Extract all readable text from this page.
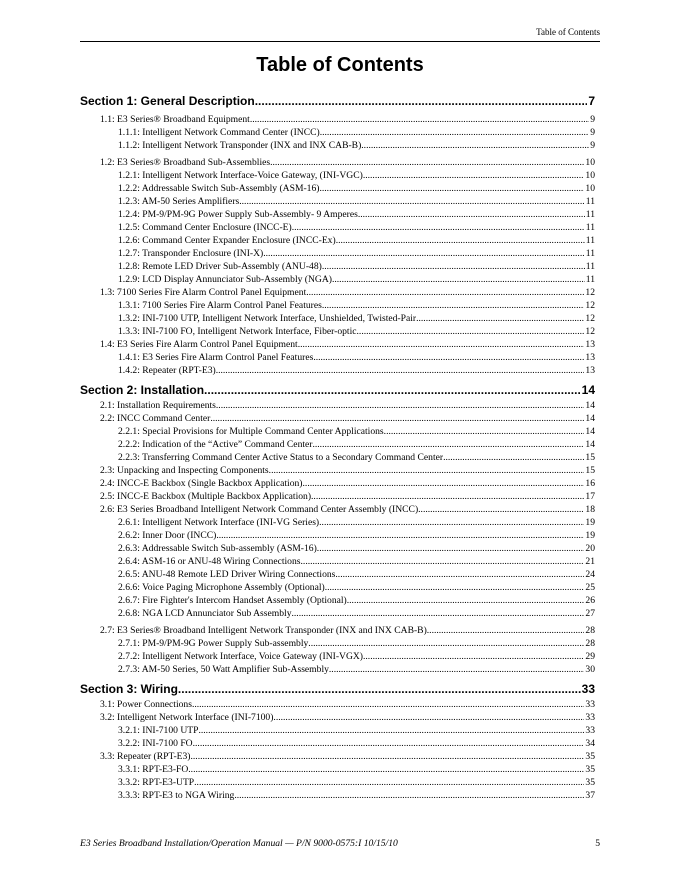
Table of Contents
Table of Contents
Section 1: General Description .....	7
1.1: E3 Series® Broadband Equipment .....	9
1.1.1: Intelligent Network Command Center (INCC) .....	9
1.1.2: Intelligent Network Transponder (INX and INX CAB-B) .....	9
1.2: E3 Series® Broadband Sub-Assemblies .....	10
1.2.1: Intelligent Network Interface-Voice Gateway, (INI-VGC) .....	10
1.2.2: Addressable Switch Sub-Assembly (ASM-16) .....	10
1.2.3: AM-50 Series Amplifiers .....	11
1.2.4: PM-9/PM-9G Power Supply Sub-Assembly- 9 Amperes .....	11
1.2.5: Command Center Enclosure (INCC-E) .....	11
1.2.6: Command Center Expander Enclosure (INCC-Ex) .....	11
1.2.7: Transponder Enclosure (INI-X) .....	11
1.2.8: Remote LED Driver Sub-Assembly (ANU-48) .....	11
1.2.9: LCD Display Annunciator Sub-Assembly (NGA) .....	11
1.3: 7100 Series Fire Alarm Control Panel Equipment .....	12
1.3.1: 7100 Series Fire Alarm Control Panel Features .....	12
1.3.2: INI-7100 UTP, Intelligent Network Interface, Unshielded, Twisted-Pair .....	12
1.3.3: INI-7100 FO, Intelligent Network Interface, Fiber-optic .....	12
1.4: E3 Series Fire Alarm Control Panel Equipment .....	13
1.4.1: E3 Series Fire Alarm Control Panel Features .....	13
1.4.2: Repeater (RPT-E3) .....	13
Section 2: Installation .....	14
2.1: Installation Requirements .....	14
2.2: INCC Command Center .....	14
2.2.1: Special Provisions for Multiple Command Center Applications .....	14
2.2.2: Indication of the “Active” Command Center .....	14
2.2.3: Transferring Command Center Active Status to a Secondary Command Center .....	15
2.3: Unpacking and Inspecting Components .....	15
2.4: INCC-E Backbox (Single Backbox Application) .....	16
2.5: INCC-E Backbox (Multiple Backbox Application) .....	17
2.6: E3 Series Broadband Intelligent Network Command Center Assembly (INCC) .....	18
2.6.1: Intelligent Network Interface (INI-VG Series) .....	19
2.6.2: Inner Door (INCC) .....	19
2.6.3: Addressable Switch Sub-assembly (ASM-16) .....	20
2.6.4: ASM-16 or ANU-48 Wiring Connections .....	21
2.6.5: ANU-48 Remote LED Driver Wiring Connections .....	24
2.6.6: Voice Paging Microphone Assembly (Optional) .....	25
2.6.7: Fire Fighter's Intercom Handset Assembly (Optional) .....	26
2.6.8: NGA LCD Annunciator Sub Assembly .....	27
2.7: E3 Series® Broadband Intelligent Network Transponder (INX and INX CAB-B) .....	28
2.7.1: PM-9/PM-9G Power Supply Sub-assembly .....	28
2.7.2: Intelligent Network Interface, Voice Gateway (INI-VGX) .....	29
2.7.3: AM-50 Series, 50 Watt Amplifier Sub-Assembly .....	30
Section 3: Wiring .....	33
3.1: Power Connections .....	33
3.2: Intelligent Network Interface (INI-7100) .....	33
3.2.1: INI-7100 UTP .....	33
3.2.2: INI-7100 FO .....	34
3.3: Repeater (RPT-E3) .....	35
3.3.1: RPT-E3-FO .....	35
3.3.2: RPT-E3-UTP .....	35
3.3.3: RPT-E3 to NGA Wiring .....	37
E3 Series Broadband Installation/Operation Manual — P/N 9000-0575:I 10/15/10	5
